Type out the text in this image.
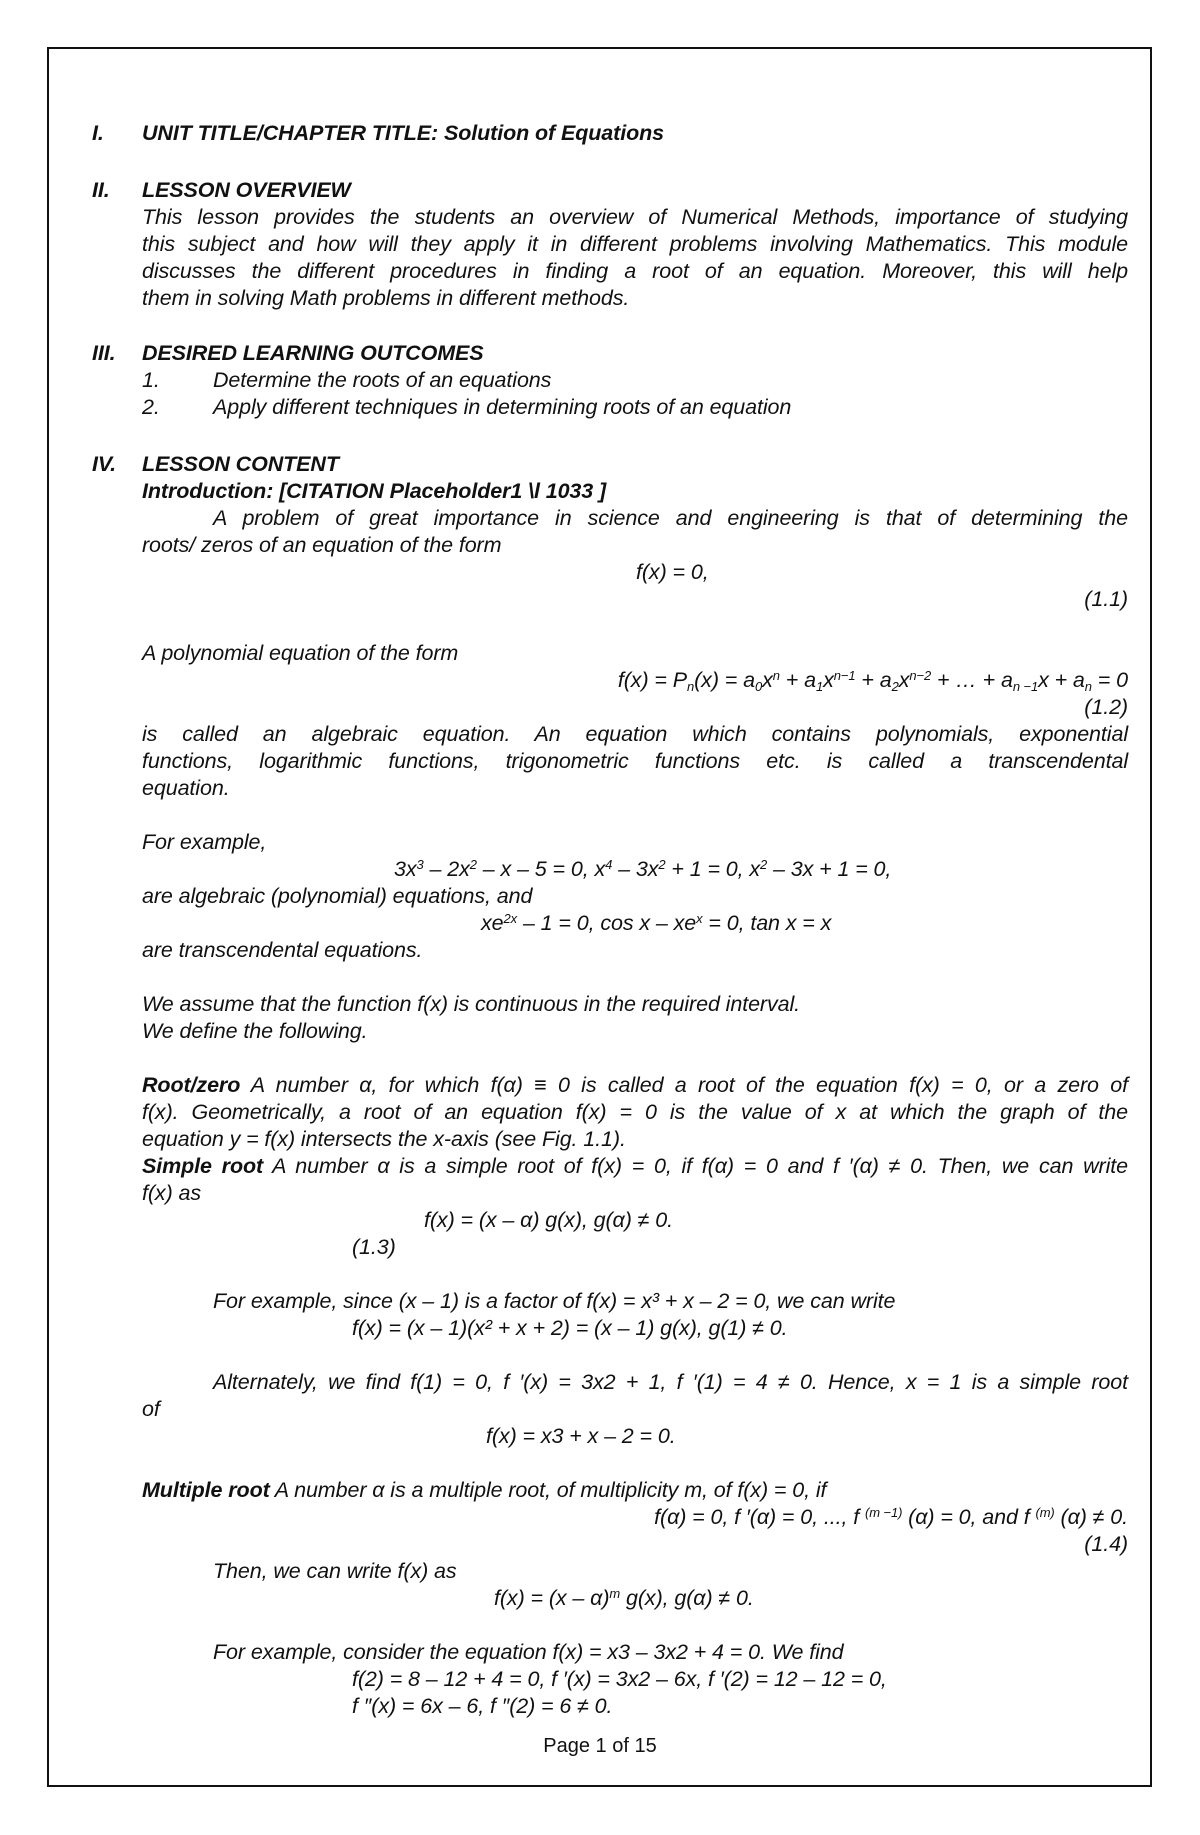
I. UNIT TITLE/CHAPTER TITLE: Solution of Equations
II. LESSON OVERVIEW
This lesson provides the students an overview of Numerical Methods, importance of studying
this subject and how will they apply it in different problems involving Mathematics. This module
discusses the different procedures in finding a root of an equation. Moreover, this will help
them in solving Math problems in different methods.
III. DESIRED LEARNING OUTCOMES
1. Determine the roots of an equations
2. Apply different techniques in determining roots of an equation
IV. LESSON CONTENT
Introduction: [CITATION Placeholder1 \l 1033 ]
A problem of great importance in science and engineering is that of determining the
roots/ zeros of an equation of the form
f(x) = 0,
(1.1)
A polynomial equation of the form
$f(x) = P_n(x) = a_0x^n + a_1x^{n-1} + a_2x^{n-2}$ + … + $a_{n -1}x + a_n = 0$
(1.2)
is called an algebraic equation. An equation which contains polynomials, exponential
functions, logarithmic functions, trigonometric functions etc. is called a transcendental
equation.
For example,
$3x^3 - 2x^2 - x - 5 = 0$, $x^4 - 3x^2 + 1 = 0$, $x^2 - 3x + 1 = 0$,
are algebraic (polynomial) equations, and
$xe^{2x} - 1 = 0$, $\cos x - xe^x = 0$, tan x = x
are transcendental equations.
We assume that the function f(x) is continuous in the required interval.
We define the following.
Root/zero A number α, for which f(α) ≡ 0 is called a root of the equation f(x) = 0, or a zero of
f(x). Geometrically, a root of an equation f(x) = 0 is the value of x at which the graph of the
equation y = f(x) intersects the x-axis (see Fig. 1.1).
Simple root A number α is a simple root of f(x) = 0, if f(α) = 0 and f ′(α) ≠ 0. Then, we can write
f(x) as
f(x) = (x – α) g(x), g(α) ≠ 0.
(1.3)
For example, since (x – 1) is a factor of f(x) = x³ + x – 2 = 0, we can write
f(x) = (x – 1)(x² + x + 2) = (x – 1) g(x), g(1) ≠ 0.
Alternately, we find f(1) = 0, f ′(x) = 3x2 + 1, f ′(1) = 4 ≠ 0. Hence, x = 1 is a simple root
of
f(x) = x3 + x – 2 = 0.
Multiple root A number α is a multiple root, of multiplicity m, of f(x) = 0, if
f(α) = 0, f ′(α) = 0, ..., f $^{(m -1)}$ (α) = 0, and f $^{(m)}$ (α) ≠ 0.
(1.4)
Then, we can write f(x) as
f(x) = (x – α)$^m$ g(x), g(α) ≠ 0.
For example, consider the equation f(x) = x3 – 3x2 + 4 = 0. We find
f(2) = 8 – 12 + 4 = 0, f ′(x) = 3x2 – 6x, f ′(2) = 12 – 12 = 0,
f ″(x) = 6x – 6, f ″(2) = 6 ≠ 0.
Page 1 of 15
